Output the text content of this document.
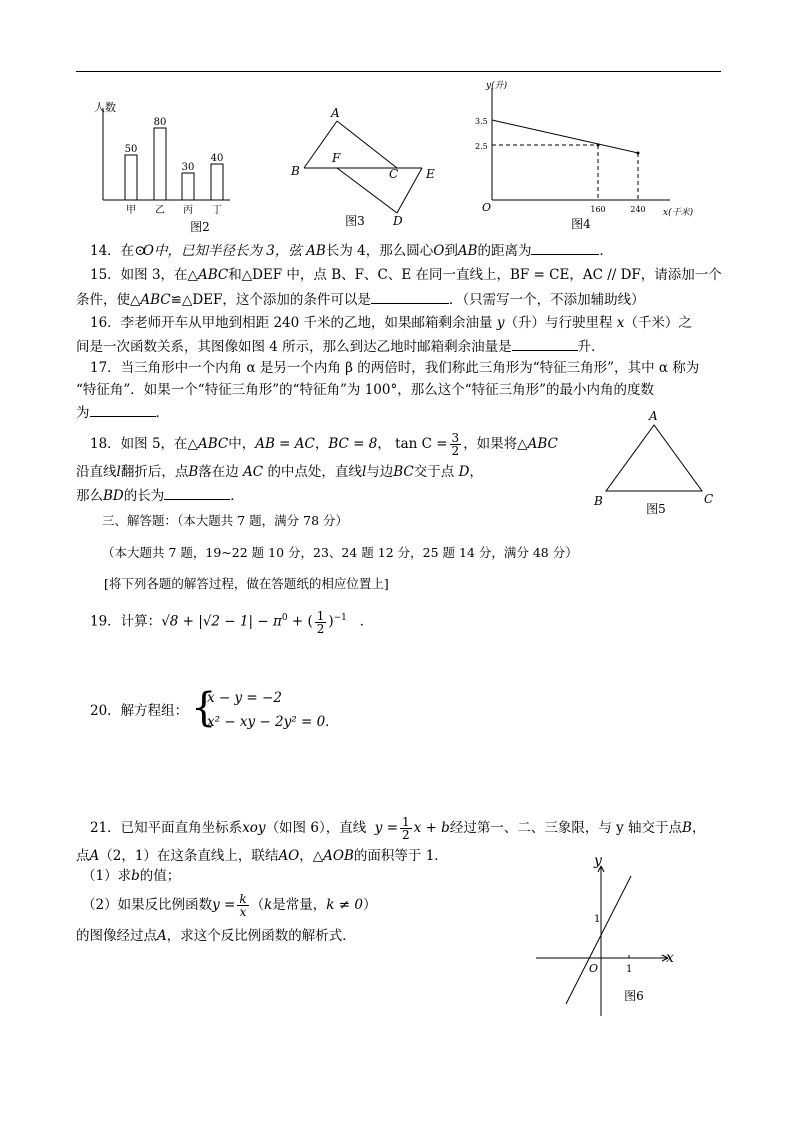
50
甲
80
乙
30
丙
40
丁
人数
图2
A
B
F
C E
D
图3
y(升)
3.5
2.5
O	160	240 x(千米)
图4
A
B	C
图5
x
y
O	1
1
图6
14．在⊙O中，已知半径长为 3，弦 AB长为 4，那么圆心O到AB的距离为	．
15．如图 3，在△ABC和△DEF 中，点 B、F、C、E 在同一直线上，BF = CE，AC // DF，请添加一个
条件，使△ABC≌△DEF，这个添加的条件可以是	．（只需写一个，不添加辅助线）
16．李老师开车从甲地到相距 240 千米的乙地，如果邮箱剩余油量 y（升）与行驶里程 x（千米）之
间是一次函数关系，其图像如图 4 所示，那么到达乙地时邮箱剩余油量是	升．
17．当三角形中一个内角 α 是另一个内角 β 的两倍时，我们称此三角形为“特征三角形”，其中 α 称为
“特征角”．如果一个“特征三角形”的“特征角”为 100°，那么这个“特征三角形”的最小内角的度数
为	．
18．如图 5，在△ABC中，AB = AC，BC = 8， $\tan C = \frac{3}{2}$ ，如果将△ABC
沿直线l翻折后，点B落在边 AC 的中点处，直线l与边BC交于点 D，
那么BD的长为	．
三、解答题：（本大题共 7 题，满分 78 分）
（本大题共 7 题，19~22 题 10 分，23、24 题 12 分，25 题 14 分，满分 48 分）
[将下列各题的解答过程，做在答题纸的相应位置上]
19．计算：$√8 + |√2 - 1| - \pi^0$ + ( $\frac{1}{2} )^{-1}$ ．
20．解方程组： {
x − y = −2
x² − xy − 2y² = 0．
21．已知平面直角坐标系xoy（如图 6），直线 $y = \frac{1}{2}$ x + b经过第一、二、三象限，与 y 轴交于点B，
点A（2，1）在这条直线上，联结AO，△AOB的面积等于 1．
（1）求b的值；
（2）如果反比例函数$y = \frac{k}{x} (k$是常量，k ≠ 0）
的图像经过点A，求这个反比例函数的解析式．
